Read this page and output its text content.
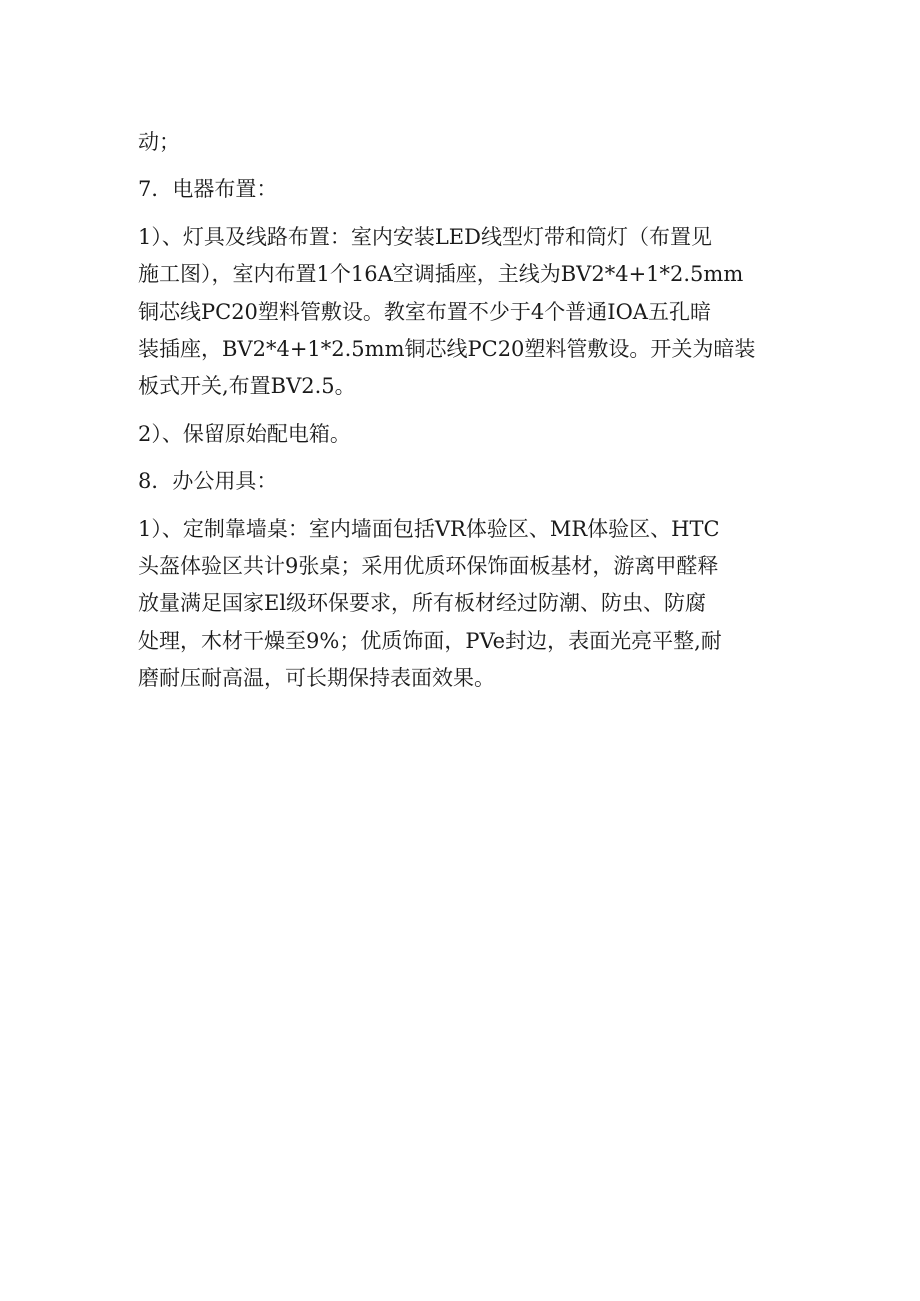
动；
7．电器布置：
1）、灯具及线路布置：室内安装LED线型灯带和筒灯（布置见
施工图），室内布置1个16A空调插座，主线为BV2*4+1*2.5mm
铜芯线PC20塑料管敷设。教室布置不少于4个普通IOA五孔暗
装插座，BV2*4+1*2.5mm铜芯线PC20塑料管敷设。开关为暗装
板式开关,布置BV2.5。
2）、保留原始配电箱。
8．办公用具：
1）、定制靠墙桌：室内墙面包括VR体验区、MR体验区、HTC
头盔体验区共计9张桌；采用优质环保饰面板基材，游离甲醛释
放量满足国家El级环保要求，所有板材经过防潮、防虫、防腐
处理，木材干燥至9%；优质饰面，PVe封边，表面光亮平整,耐
磨耐压耐高温，可长期保持表面效果。
